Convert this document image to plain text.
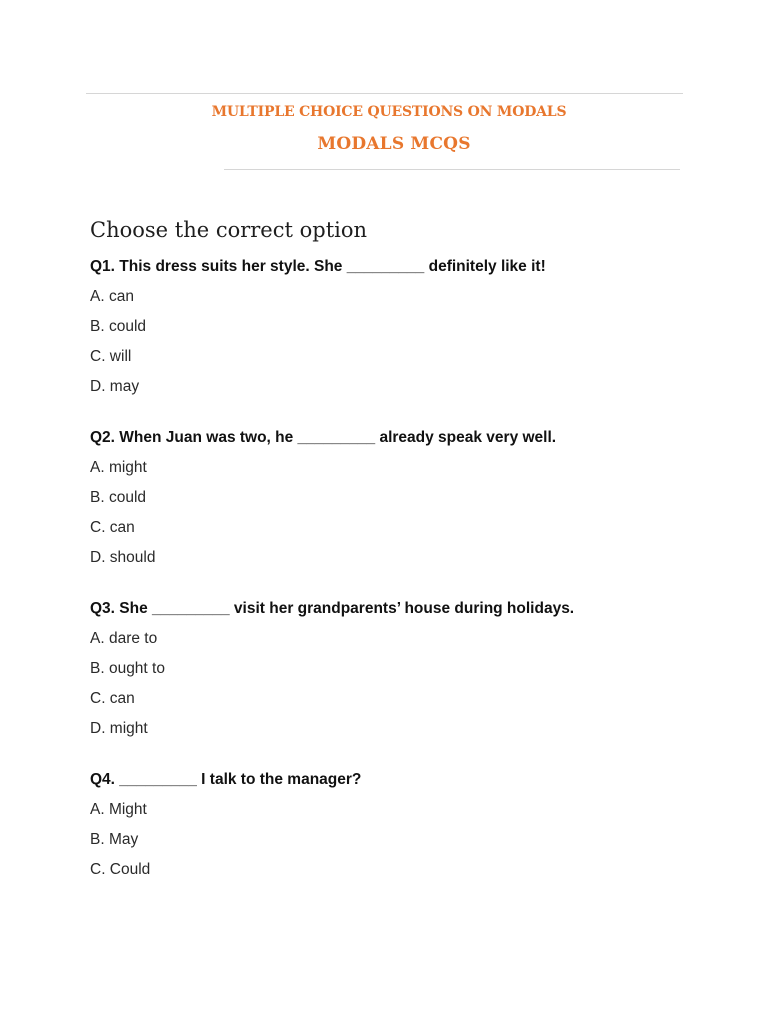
MULTIPLE CHOICE QUESTIONS ON MODALS
MODALS MCQS
Choose the correct option
Q1. This dress suits her style. She _________ definitely like it!
A. can
B. could
C. will
D. may
Q2. When Juan was two, he _________ already speak very well.
A. might
B. could
C. can
D. should
Q3. She _________ visit her grandparents’ house during holidays.
A. dare to
B. ought to
C. can
D. might
Q4. _________ I talk to the manager?
A. Might
B. May
C. Could
